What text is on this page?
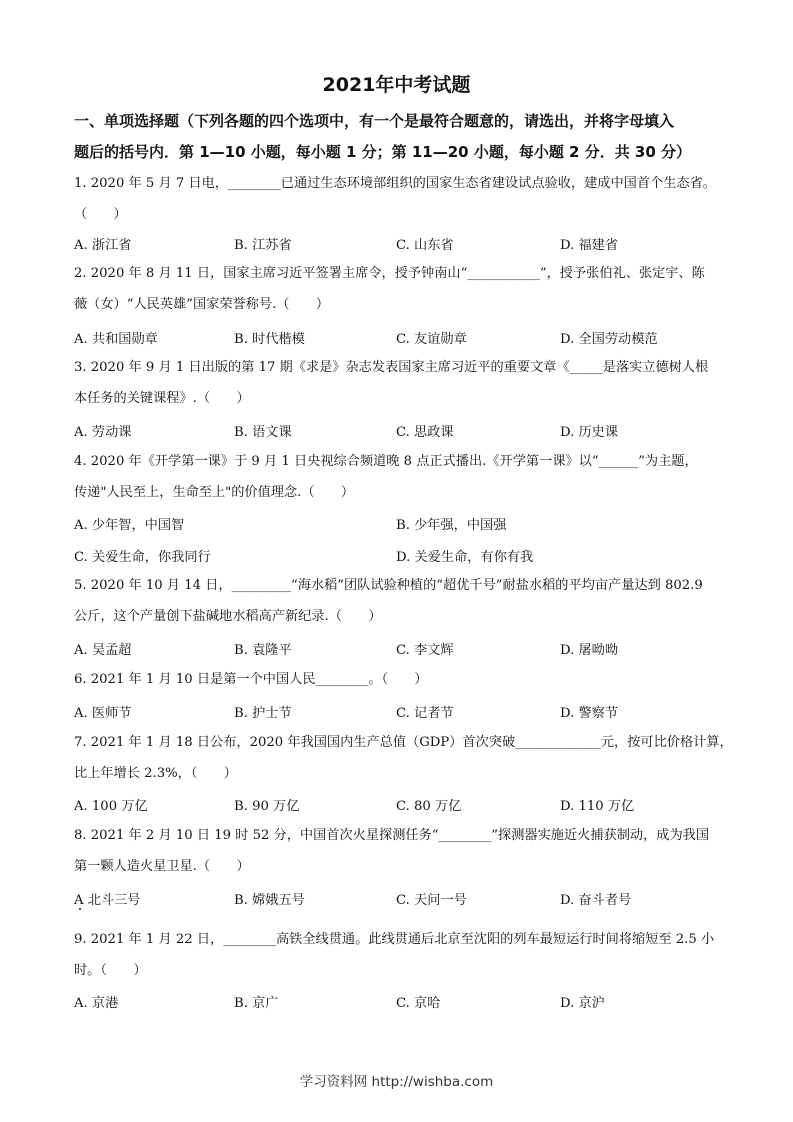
2021年中考试题
一、单项选择题（下列各题的四个选项中，有一个是最符合题意的，请选出，并将字母填入
题后的括号内．第 1—10 小题，每小题 1 分；第 11—20 小题，每小题 2 分．共 30 分）
1. 2020 年 5 月 7 日电，________已通过生态环境部组织的国家生态省建设试点验收，建成中国首个生态省。
（　　）
A. 浙江省	B. 江苏省	C. 山东省	D. 福建省
2. 2020 年 8 月 11 日，国家主席习近平签署主席令，授予钟南山“___________”，授予张伯礼、张定宇、陈
薇（女）“人民英雄”国家荣誉称号.（　　）
A. 共和国勋章	B. 时代楷模	C. 友谊勋章	D. 全国劳动模范
3. 2020 年 9 月 1 日出版的第 17 期《求是》杂志发表国家主席习近平的重要文章《_____是落实立德树人根
本任务的关键课程》.（　　）
A. 劳动课	B. 语文课	C. 思政课	D. 历史课
4. 2020 年《开学第一课》于 9 月 1 日央视综合频道晚 8 点正式播出.《开学第一课》以“______”为主题，
传递"人民至上，生命至上"的价值理念.（　　）
A. 少年智，中国智	B. 少年强，中国强
C. 关爱生命，你我同行	D. 关爱生命，有你有我
5. 2020 年 10 月 14 日，_________“海水稻”团队试验种植的“超优千号”耐盐水稻的平均亩产量达到 802.9
公斤，这个产量创下盐碱地水稻高产新纪录.（　　）
A. 吴孟超	B. 袁隆平	C. 李文辉	D. 屠呦呦
6. 2021 年 1 月 10 日是第一个中国人民________。（　　）
A. 医师节	B. 护士节	C. 记者节	D. 警察节
7. 2021 年 1 月 18 日公布，2020 年我国国内生产总值（GDP）首次突破_____________元，按可比价格计算，
比上年增长 2.3%，（　　）
A. 100 万亿	B. 90 万亿	C. 80 万亿	D. 110 万亿
8. 2021 年 2 月 10 日 19 时 52 分，中国首次火星探测任务“________”探测器实施近火捕获制动，成为我国
第一颗人造火星卫星.（　　）
A 北斗三号	B. 嫦娥五号	C. 天问一号	D. 奋斗者号
9. 2021 年 1 月 22 日，________高铁全线贯通。此线贯通后北京至沈阳的列车最短运行时间将缩短至 2.5 小
时。（　　）
A. 京港	B. 京广	C. 京哈	D. 京沪
学习资料网 http://wishba.com
